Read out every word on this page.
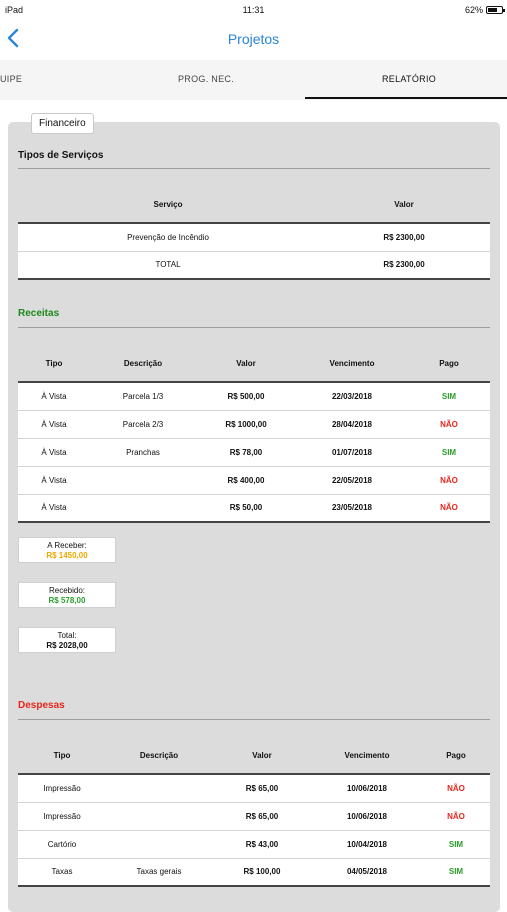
iPad	11:31	62%
Projetos
UIPE	PROG. NEC.	RELATÓRIO
Financeiro
Tipos de Serviços
Serviço	Valor
Prevenção de Incêndio	R$ 2300,00
TOTAL	R$ 2300,00
Receitas
Tipo	Descrição	Valor	Vencimento	Pago
À Vista	Parcela 1/3	R$ 500,00	22/03/2018	SIM
À Vista	Parcela 2/3	R$ 1000,00	28/04/2018	NÃO
À Vista	Pranchas	R$ 78,00	01/07/2018	SIM
À Vista		R$ 400,00	22/05/2018	NÃO
À Vista		R$ 50,00	23/05/2018	NÃO
A Receber:
R$ 1450,00
Recebido:
R$ 578,00
Total:
R$ 2028,00
Despesas
Tipo	Descrição	Valor	Vencimento	Pago
Impressão		R$ 65,00	10/06/2018	NÃO
Impressão		R$ 65,00	10/06/2018	NÃO
Cartório		R$ 43,00	10/04/2018	SIM
Taxas	Taxas gerais	R$ 100,00	04/05/2018	SIM
